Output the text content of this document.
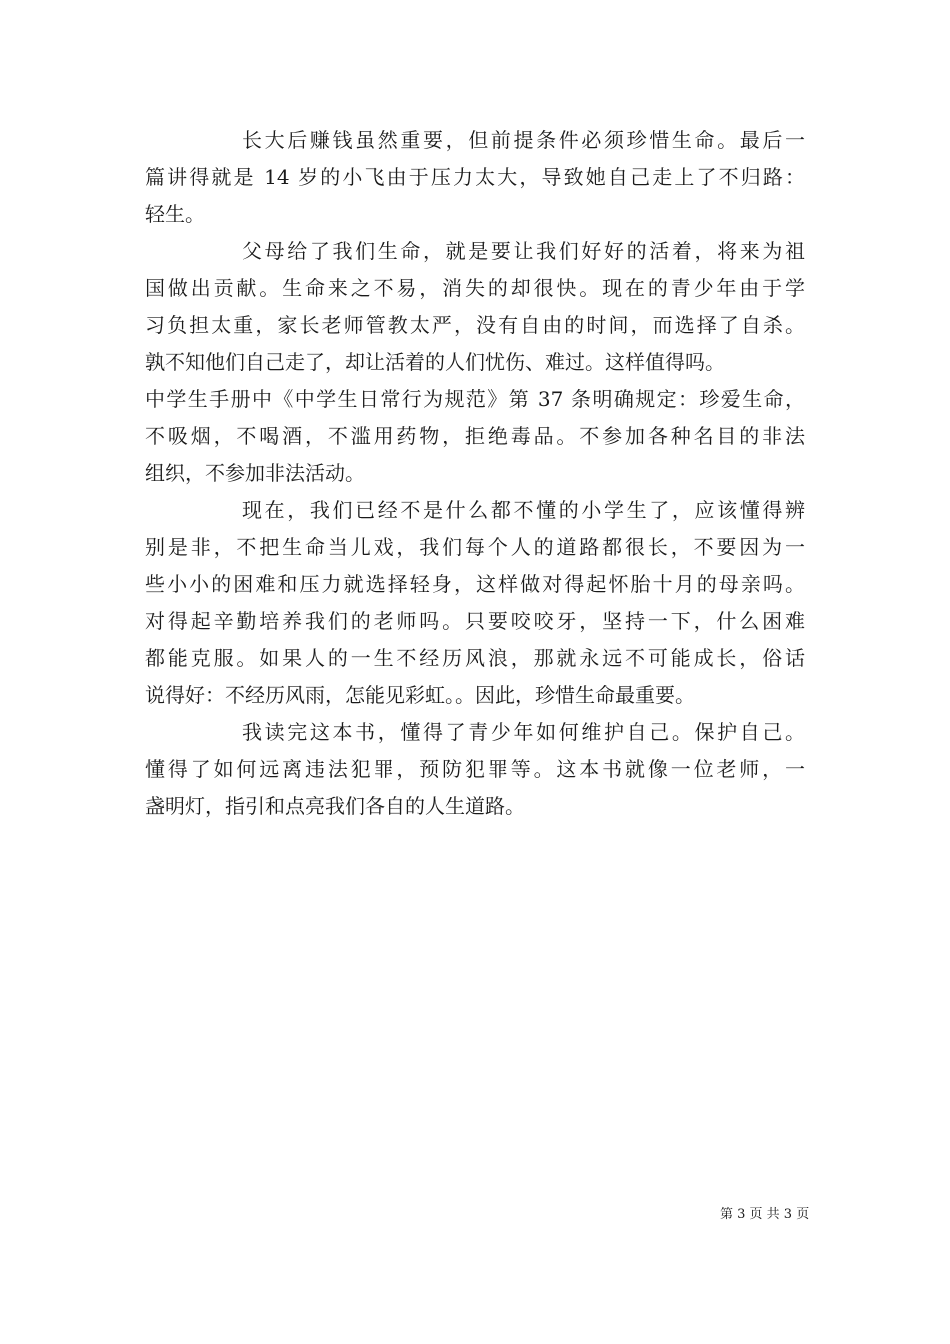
长大后赚钱虽然重要，但前提条件必须珍惜生命。最后一
篇讲得就是 14 岁的小飞由于压力太大，导致她自己走上了不归路：
轻生。
父母给了我们生命，就是要让我们好好的活着，将来为祖
国做出贡献。生命来之不易，消失的却很快。现在的青少年由于学
习负担太重，家长老师管教太严，没有自由的时间，而选择了自杀。
孰不知他们自己走了，却让活着的人们忧伤、难过。这样值得吗。
中学生手册中《中学生日常行为规范》第 37 条明确规定：珍爱生命，
不吸烟，不喝酒，不滥用药物，拒绝毒品。不参加各种名目的非法
组织，不参加非法活动。
现在，我们已经不是什么都不懂的小学生了，应该懂得辨
别是非，不把生命当儿戏，我们每个人的道路都很长，不要因为一
些小小的困难和压力就选择轻身，这样做对得起怀胎十月的母亲吗。
对得起辛勤培养我们的老师吗。只要咬咬牙，坚持一下，什么困难
都能克服。如果人的一生不经历风浪，那就永远不可能成长，俗话
说得好：不经历风雨，怎能见彩虹。。因此，珍惜生命最重要。
我读完这本书，懂得了青少年如何维护自己。保护自己。
懂得了如何远离违法犯罪，预防犯罪等。这本书就像一位老师，一
盏明灯，指引和点亮我们各自的人生道路。
第 3 页 共 3 页
